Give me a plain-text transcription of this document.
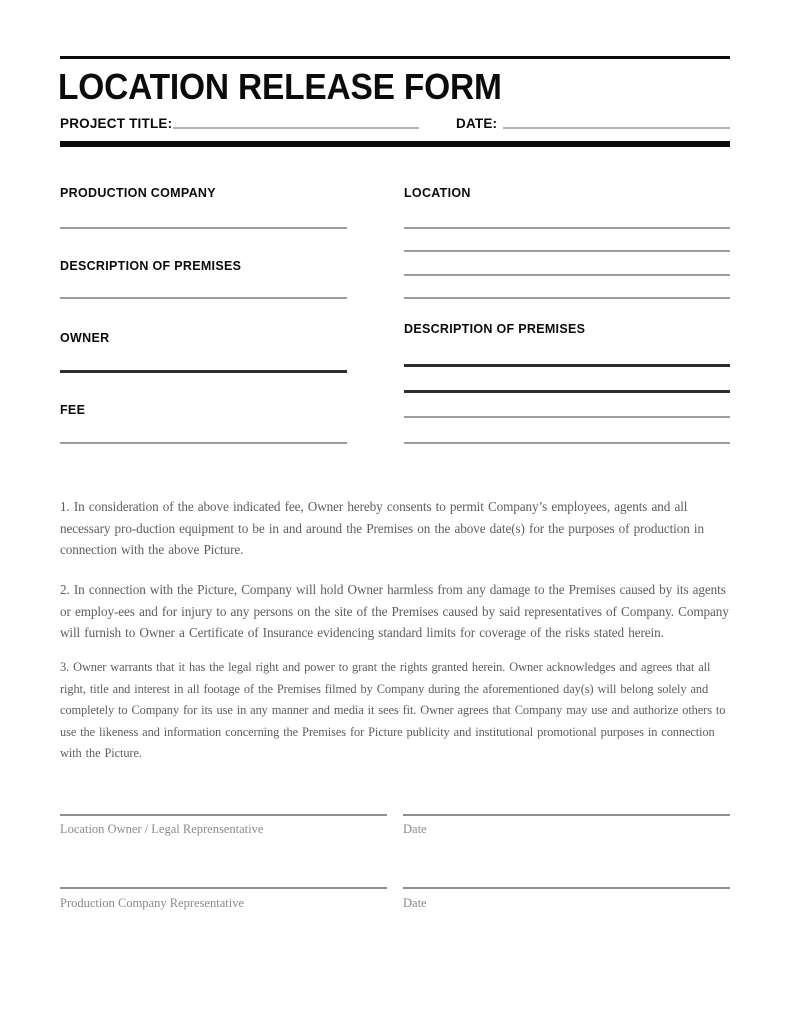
LOCATION RELEASE FORM
PROJECT TITLE:	DATE:
PRODUCTION COMPANY
DESCRIPTION OF PREMISES
OWNER
FEE
LOCATION
DESCRIPTION OF PREMISES

1. In consideration of the above indicated fee, Owner hereby consents to permit Company’s employees, agents and all necessary pro-duction equipment to be in and around the Premises on the above date(s) for the purposes of production in connection with the above Picture.

2. In connection with the Picture, Company will hold Owner harmless from any damage to the Premises caused by its agents or employ-ees and for injury to any persons on the site of the Premises caused by said representatives of Company. Company will furnish to Owner a Certificate of Insurance evidencing standard limits for coverage of the risks stated herein.

3. Owner warrants that it has the legal right and power to grant the rights granted herein. Owner acknowledges and agrees that all right, title and interest in all footage of the Premises filmed by Company during the aforementioned day(s) will belong solely and completely to Company for its use in any manner and media it sees fit. Owner agrees that Company may use and authorize others to use the likeness and information concerning the Premises for Picture publicity and institutional promotional purposes in connection with the Picture.

Location Owner / Legal Reprensentative	Date
Production Company Representative	Date
